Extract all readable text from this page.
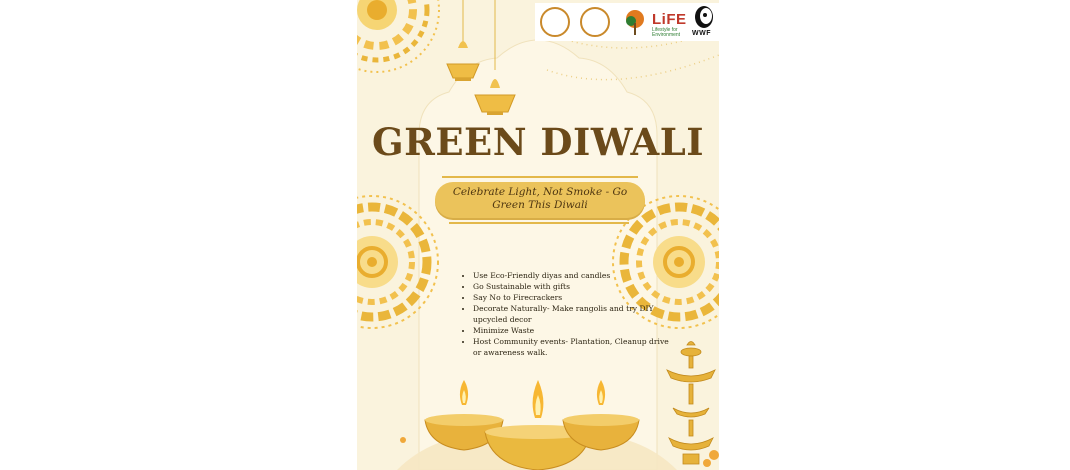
LiFE
Lifestyle for Environment	WWF
GREEN DIWALI
Celebrate Light, Not Smoke - Go Green This Diwali
• Use Eco-Friendly diyas and candles
• Go Sustainable with gifts
• Say No to Firecrackers
• Decorate Naturally- Make rangolis and try DIY upcycled decor
• Minimize Waste
• Host Community events- Plantation, Cleanup drive or awareness walk.
